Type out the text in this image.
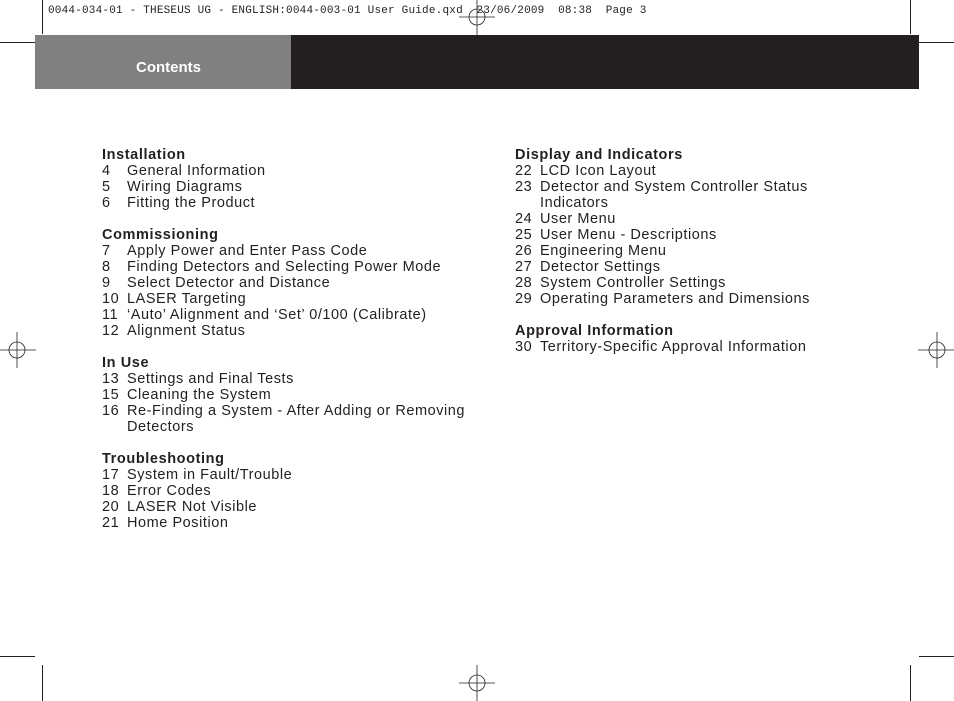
0044-034-01 - THESEUS UG - ENGLISH:0044-003-01 User Guide.qxd  23/06/2009  08:38  Page 3
Contents
Installation
4	General Information
5	Wiring Diagrams
6	Fitting the Product
Commissioning
7	Apply Power and Enter Pass Code
8	Finding Detectors and Selecting Power Mode
9	Select Detector and Distance
10 LASER Targeting
11 ‘Auto’ Alignment and ‘Set’ 0/100 (Calibrate)
12 Alignment Status
In Use
13 Settings and Final Tests
15 Cleaning the System
16 Re-Finding a System - After Adding or Removing Detectors
Troubleshooting
17 System in Fault/Trouble
18 Error Codes
20 LASER Not Visible
21 Home Position
Display and Indicators
22 LCD Icon Layout
23 Detector and System Controller Status Indicators
24 User Menu
25 User Menu - Descriptions
26 Engineering Menu
27 Detector Settings
28 System Controller Settings
29 Operating Parameters and Dimensions
Approval Information
30 Territory-Specific Approval Information
